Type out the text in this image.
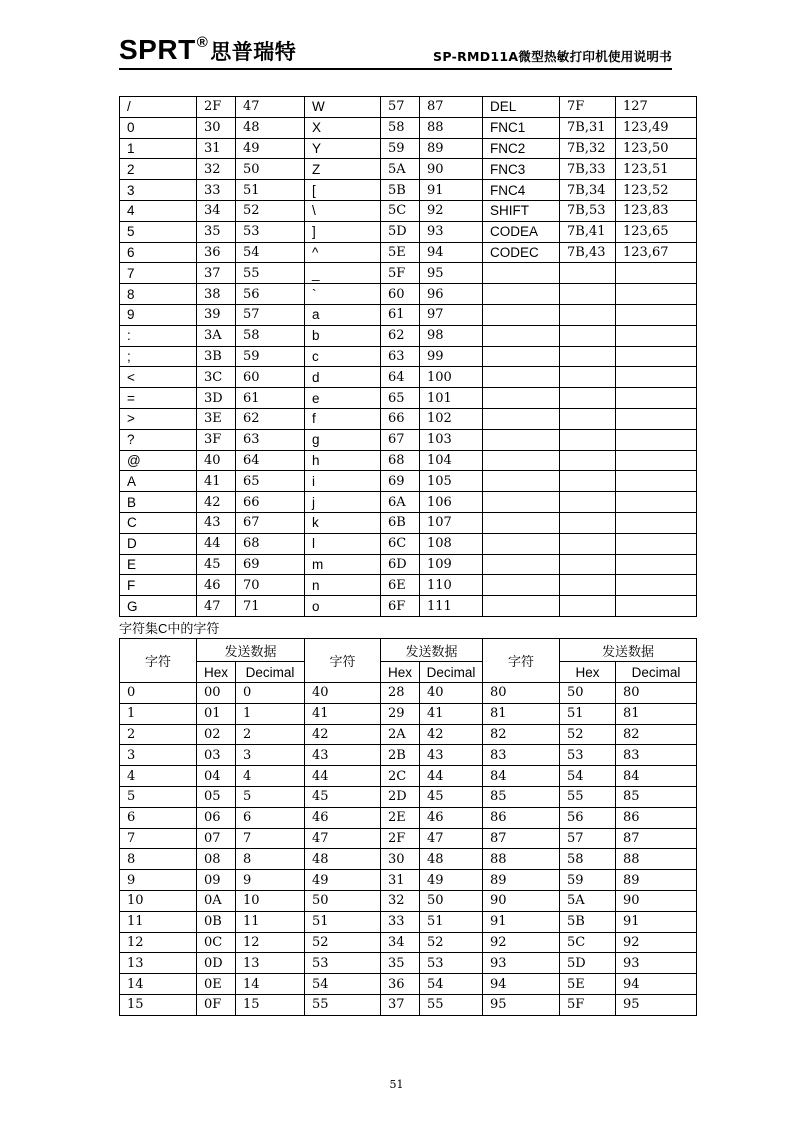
SPRT®思普瑞特	SP-RMD11A微型热敏打印机使用说明书
/	2F	47	W	57	87	DEL	7F	127
0	30	48	X	58	88	FNC1	7B,31	123,49
1	31	49	Y	59	89	FNC2	7B,32	123,50
2	32	50	Z	5A	90	FNC3	7B,33	123,51
3	33	51	[	5B	91	FNC4	7B,34	123,52
4	34	52	\	5C	92	SHIFT	7B,53	123,83
5	35	53	]	5D	93	CODEA	7B,41	123,65
6	36	54	^	5E	94	CODEC	7B,43	123,67
7	37	55	_	5F	95			
8	38	56	`	60	96			
9	39	57	a	61	97			
:	3A	58	b	62	98			
;	3B	59	c	63	99			
<	3C	60	d	64	100			
=	3D	61	e	65	101			
>	3E	62	f	66	102			
?	3F	63	g	67	103			
@	40	64	h	68	104			
A	41	65	i	69	105			
B	42	66	j	6A	106			
C	43	67	k	6B	107			
D	44	68	l	6C	108			
E	45	69	m	6D	109			
F	46	70	n	6E	110			
G	47	71	o	6F	111			
字符集C中的字符
字符	发送数据		字符	发送数据		字符	发送数据	
	Hex	Decimal		Hex	Decimal		Hex	Decimal
0	00	0	40	28	40	80	50	80
1	01	1	41	29	41	81	51	81
2	02	2	42	2A	42	82	52	82
3	03	3	43	2B	43	83	53	83
4	04	4	44	2C	44	84	54	84
5	05	5	45	2D	45	85	55	85
6	06	6	46	2E	46	86	56	86
7	07	7	47	2F	47	87	57	87
8	08	8	48	30	48	88	58	88
9	09	9	49	31	49	89	59	89
10	0A	10	50	32	50	90	5A	90
11	0B	11	51	33	51	91	5B	91
12	0C	12	52	34	52	92	5C	92
13	0D	13	53	35	53	93	5D	93
14	0E	14	54	36	54	94	5E	94
15	0F	15	55	37	55	95	5F	95
51
